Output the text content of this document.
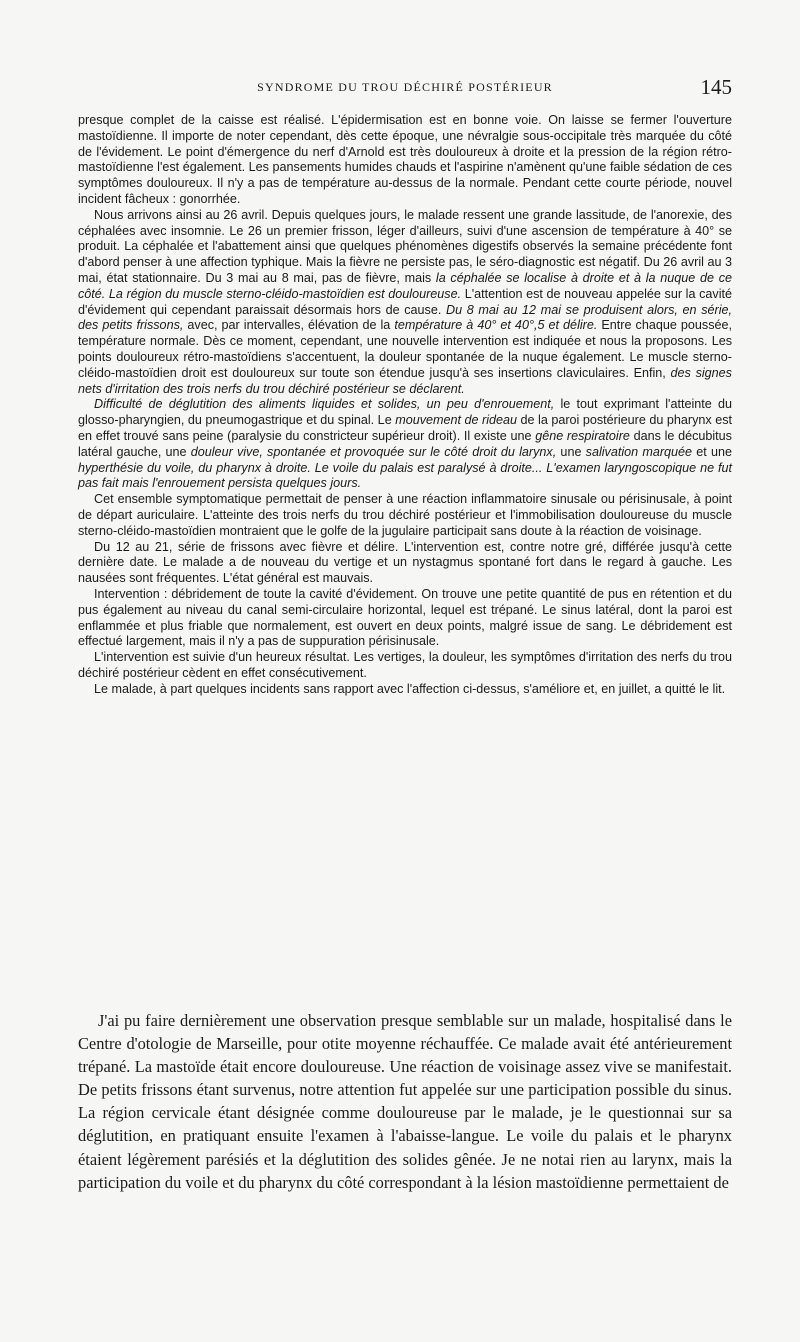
SYNDROME DU TROU DÉCHIRÉ POSTÉRIEUR	145

presque complet de la caisse est réalisé. L'épidermisation est en bonne voie. On laisse se fermer l'ouverture mastoïdienne. Il importe de noter cependant, dès cette époque, une névralgie sous-occipitale très marquée du côté de l'évidement. Le point d'émergence du nerf d'Arnold est très douloureux à droite et la pression de la région rétro-mastoïdienne l'est également. Les pansements humides chauds et l'aspirine n'amènent qu'une faible sédation de ces symptômes douloureux. Il n'y a pas de température au-dessus de la normale. Pendant cette courte période, nouvel incident fâcheux : gonorrhée.

Nous arrivons ainsi au 26 avril. Depuis quelques jours, le malade ressent une grande lassitude, de l'anorexie, des céphalées avec insomnie. Le 26 un premier frisson, léger d'ailleurs, suivi d'une ascension de température à 40° se produit. La céphalée et l'abattement ainsi que quelques phénomènes digestifs observés la semaine précédente font d'abord penser à une affection typhique. Mais la fièvre ne persiste pas, le séro-diagnostic est négatif. Du 26 avril au 3 mai, état stationnaire. Du 3 mai au 8 mai, pas de fièvre, mais la céphalée se localise à droite et à la nuque de ce côté. La région du muscle sterno-cléido-mastoïdien est douloureuse. L'attention est de nouveau appelée sur la cavité d'évidement qui cependant paraissait désormais hors de cause. Du 8 mai au 12 mai se produisent alors, en série, des petits frissons, avec, par intervalles, élévation de la température à 40° et 40°,5 et délire. Entre chaque poussée, température normale. Dès ce moment, cependant, une nouvelle intervention est indiquée et nous la proposons. Les points douloureux rétro-mastoïdiens s'accentuent, la douleur spontanée de la nuque également. Le muscle sterno-cléido-mastoïdien droit est douloureux sur toute son étendue jusqu'à ses insertions claviculaires. Enfin, des signes nets d'irritation des trois nerfs du trou déchiré postérieur se déclarent.

Difficulté de déglutition des aliments liquides et solides, un peu d'enrouement, le tout exprimant l'atteinte du glosso-pharyngien, du pneumogastrique et du spinal. Le mouvement de rideau de la paroi postérieure du pharynx est en effet trouvé sans peine (paralysie du constricteur supérieur droit). Il existe une gêne respiratoire dans le décubitus latéral gauche, une douleur vive, spontanée et provoquée sur le côté droit du larynx, une salivation marquée et une hyperthésie du voile, du pharynx à droite. Le voile du palais est paralysé à droite... L'examen laryngoscopique ne fut pas fait mais l'enrouement persista quelques jours.

Cet ensemble symptomatique permettait de penser à une réaction inflammatoire sinusale ou périsinusale, à point de départ auriculaire. L'atteinte des trois nerfs du trou déchiré postérieur et l'immobilisation douloureuse du muscle sterno-cléido-mastoïdien montraient que le golfe de la jugulaire participait sans doute à la réaction de voisinage.

Du 12 au 21, série de frissons avec fièvre et délire. L'intervention est, contre notre gré, différée jusqu'à cette dernière date. Le malade a de nouveau du vertige et un nystagmus spontané fort dans le regard à gauche. Les nausées sont fréquentes. L'état général est mauvais.

Intervention : débridement de toute la cavité d'évidement. On trouve une petite quantité de pus en rétention et du pus également au niveau du canal semi-circulaire horizontal, lequel est trépané. Le sinus latéral, dont la paroi est enflammée et plus friable que normalement, est ouvert en deux points, malgré issue de sang. Le débridement est effectué largement, mais il n'y a pas de suppuration périsinusale.

L'intervention est suivie d'un heureux résultat. Les vertiges, la douleur, les symptômes d'irritation des nerfs du trou déchiré postérieur cèdent en effet consécutivement.

Le malade, à part quelques incidents sans rapport avec l'affection ci-dessus, s'améliore et, en juillet, a quitté le lit.

J'ai pu faire dernièrement une observation presque semblable sur un malade, hospitalisé dans le Centre d'otologie de Marseille, pour otite moyenne réchauffée. Ce malade avait été antérieurement trépané. La mastoïde était encore douloureuse. Une réaction de voisinage assez vive se manifestait. De petits frissons étant survenus, notre attention fut appelée sur une participation possible du sinus. La région cervicale étant désignée comme douloureuse par le malade, je le questionnai sur sa déglutition, en pratiquant ensuite l'examen à l'abaisse-langue. Le voile du palais et le pharynx étaient légèrement parésiés et la déglutition des solides gênée. Je ne notai rien au larynx, mais la participation du voile et du pharynx du côté correspondant à la lésion mastoïdienne permettaient de
